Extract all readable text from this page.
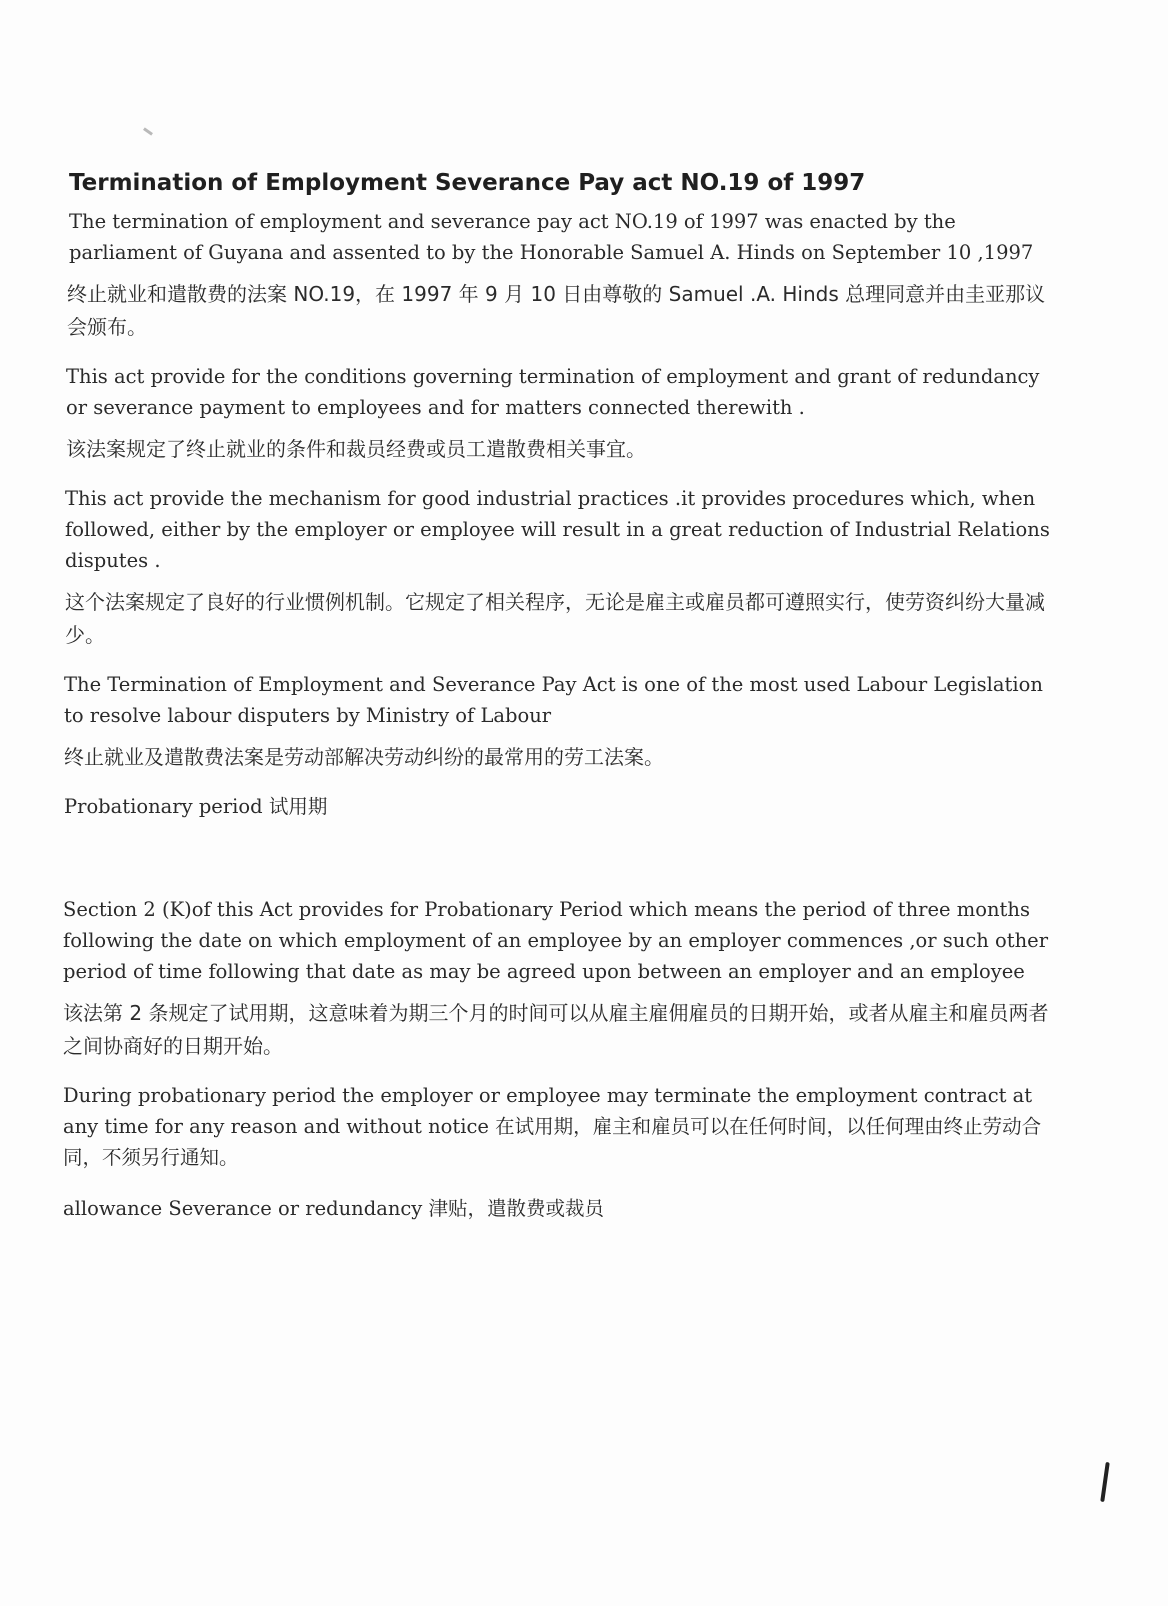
Termination of Employment Severance Pay act NO.19 of 1997

The termination of employment and severance pay act NO.19 of 1997 was enacted by the parliament of Guyana and assented to by the Honorable Samuel A. Hinds on September 10 ,1997

终止就业和遣散费的法案 NO.19，在 1997 年 9 月 10 日由尊敬的 Samuel .A. Hinds 总理同意并由圭亚那议会颁布。

This act provide for the conditions governing termination of employment and grant of redundancy or severance payment to employees and for matters connected therewith .

该法案规定了终止就业的条件和裁员经费或员工遣散费相关事宜。

This act provide the mechanism for good industrial practices .it provides procedures which, when followed, either by the employer or employee will result in a great reduction of Industrial Relations disputes .

这个法案规定了良好的行业惯例机制。它规定了相关程序，无论是雇主或雇员都可遵照实行，使劳资纠纷大量减少。

The Termination of Employment and Severance Pay Act is one of the most used Labour Legislation to resolve labour disputers by Ministry of Labour

终止就业及遣散费法案是劳动部解决劳动纠纷的最常用的劳工法案。

Probationary period 试用期

Section 2 (K)of this Act provides for Probationary Period which means the period of three months following the date on which employment of an employee by an employer commences ,or such other period of time following that date as may be agreed upon between an employer and an employee

该法第 2 条规定了试用期，这意味着为期三个月的时间可以从雇主雇佣雇员的日期开始，或者从雇主和雇员两者之间协商好的日期开始。

During probationary period the employer or employee may terminate the employment contract at any time for any reason and without notice 在试用期，雇主和雇员可以在任何时间，以任何理由终止劳动合同，不须另行通知。

allowance Severance or redundancy 津贴，遣散费或裁员
